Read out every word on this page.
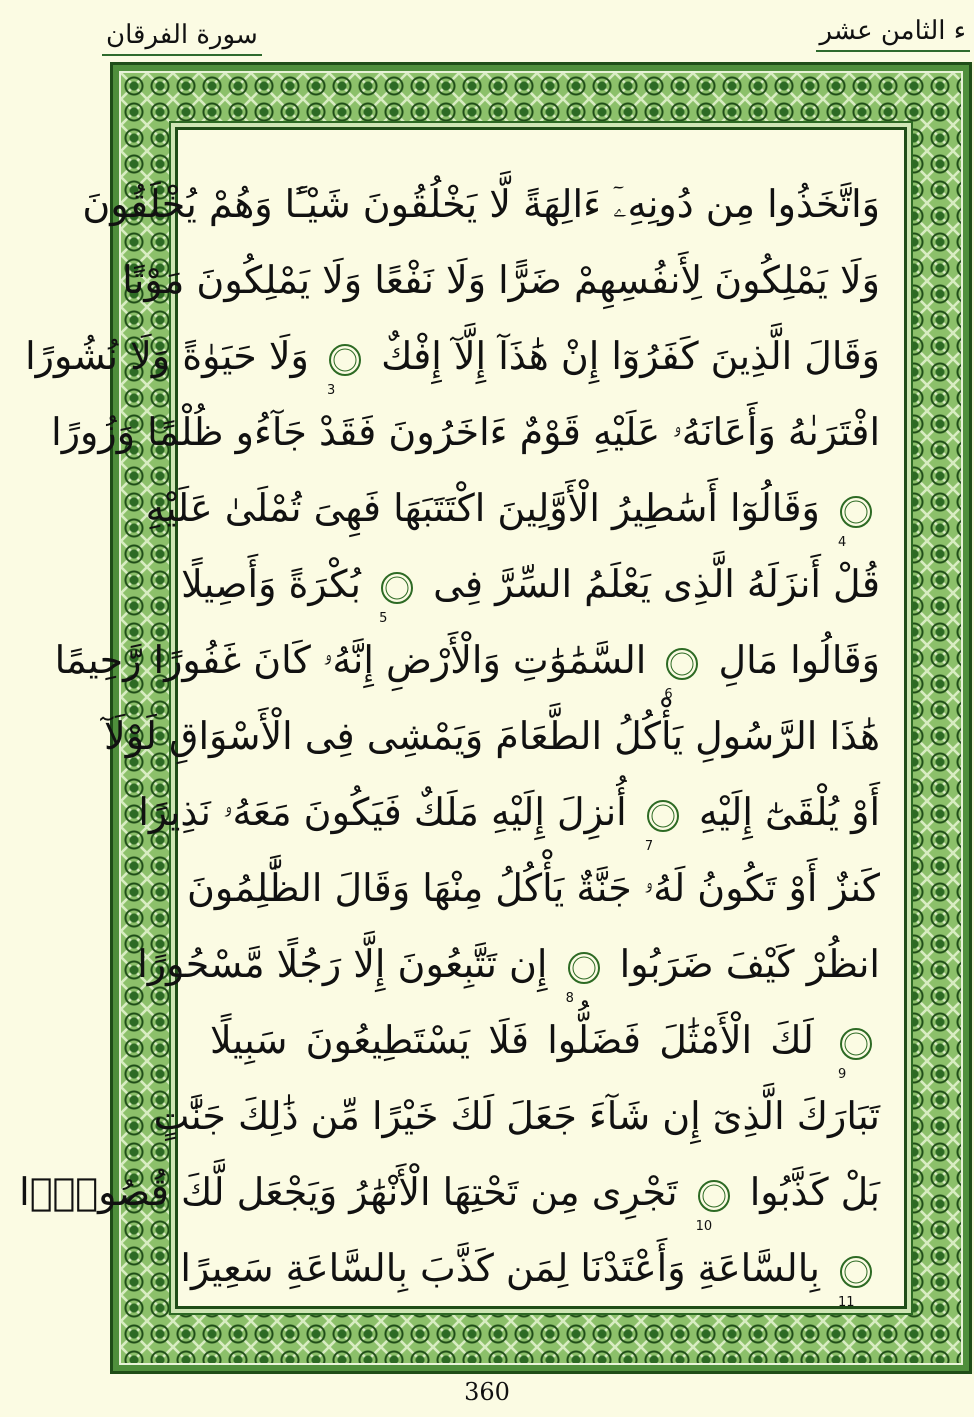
ء الثامن عشر
سورة الفرقان
وَاتَّخَذُوا مِن دُونِهِۦٓ ءَالِهَةً لَّا يَخْلُقُونَ شَيْـًٔا وَهُمْ يُخْلَقُونَ
وَلَا يَمْلِكُونَ لِأَنفُسِهِمْ ضَرًّا وَلَا نَفْعًا وَلَا يَمْلِكُونَ مَوْتًا
وَقَالَ الَّذِينَ كَفَرُوٓا إِنْ هَٰذَآ إِلَّآ إِفْكٌ
3
وَلَا حَيَوٰةً وَلَا نُشُورًا
افْتَرَىٰهُ وَأَعَانَهُۥ عَلَيْهِ قَوْمٌ ءَاخَرُونَ فَقَدْ جَآءُو ظُلْمًا وَزُورًا
4
وَقَالُوٓا أَسَٰطِيرُ الْأَوَّلِينَ اكْتَتَبَهَا فَهِىَ تُمْلَىٰ عَلَيْهِ
قُلْ أَنزَلَهُ الَّذِى يَعْلَمُ السِّرَّ فِى
5
بُكْرَةً وَأَصِيلًا
وَقَالُوا مَالِ
6
السَّمَٰوَٰتِ وَالْأَرْضِ إِنَّهُۥ كَانَ غَفُورًا رَّحِيمًا
هَٰذَا الرَّسُولِ يَأْكُلُ الطَّعَامَ وَيَمْشِى فِى الْأَسْوَاقِ لَوْلَآ
أَوْ يُلْقَىٰٓ إِلَيْهِ
7
أُنزِلَ إِلَيْهِ مَلَكٌ فَيَكُونَ مَعَهُۥ نَذِيرًا
كَنزٌ أَوْ تَكُونُ لَهُۥ جَنَّةٌ يَأْكُلُ مِنْهَا وَقَالَ الظَّٰلِمُونَ
انظُرْ كَيْفَ ضَرَبُوا
8
إِن تَتَّبِعُونَ إِلَّا رَجُلًا مَّسْحُورًا
9
لَكَ الْأَمْثَٰلَ فَضَلُّوا فَلَا يَسْتَطِيعُونَ سَبِيلًا
تَبَارَكَ الَّذِىٓ إِن شَآءَ جَعَلَ لَكَ خَيْرًا مِّن ذَٰلِكَ جَنَّٰتٍ
بَلْ كَذَّبُوا
10
تَجْرِى مِن تَحْتِهَا الْأَنْهَٰرُ وَيَجْعَل لَّكَ قُصُورًۢا
11
بِالسَّاعَةِ وَأَعْتَدْنَا لِمَن كَذَّبَ بِالسَّاعَةِ سَعِيرًا
360
